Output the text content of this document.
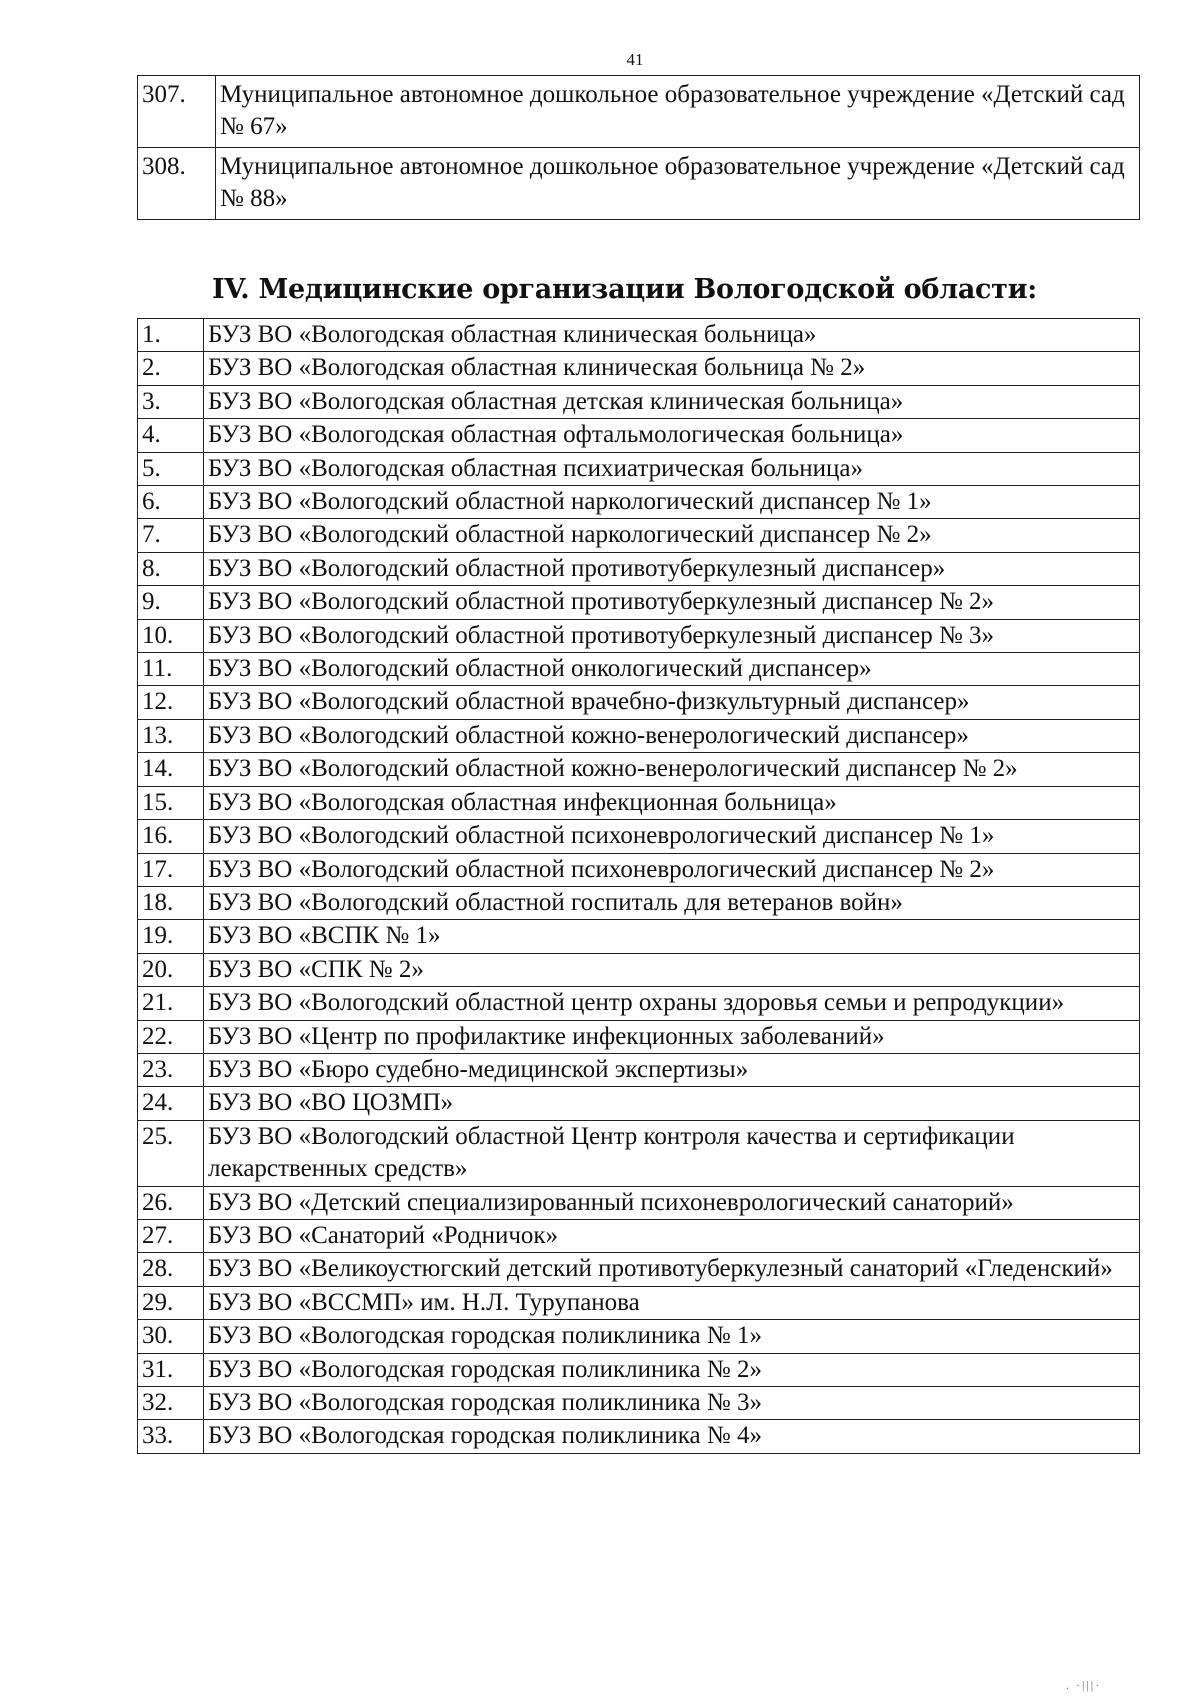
41
307.	Муниципальное автономное дошкольное образовательное учреждение «Детский сад № 67»
308.	Муниципальное автономное дошкольное образовательное учреждение «Детский сад № 88»
IV. Медицинские организации Вологодской области:
1.	БУЗ ВО «Вологодская областная клиническая больница»
2.	БУЗ ВО «Вологодская областная клиническая больница № 2»
3.	БУЗ ВО «Вологодская областная детская клиническая больница»
4.	БУЗ ВО «Вологодская областная офтальмологическая больница»
5.	БУЗ ВО «Вологодская областная психиатрическая больница»
6.	БУЗ ВО «Вологодский областной наркологический диспансер № 1»
7.	БУЗ ВО «Вологодский областной наркологический диспансер № 2»
8.	БУЗ ВО «Вологодский областной противотуберкулезный диспансер»
9.	БУЗ ВО «Вологодский областной противотуберкулезный диспансер № 2»
10.	БУЗ ВО «Вологодский областной противотуберкулезный диспансер № 3»
11.	БУЗ ВО «Вологодский областной онкологический диспансер»
12.	БУЗ ВО «Вологодский областной врачебно-физкультурный диспансер»
13.	БУЗ ВО «Вологодский областной кожно-венерологический диспансер»
14.	БУЗ ВО «Вологодский областной кожно-венерологический диспансер № 2»
15.	БУЗ ВО «Вологодская областная инфекционная больница»
16.	БУЗ ВО «Вологодский областной психоневрологический диспансер № 1»
17.	БУЗ ВО «Вологодский областной психоневрологический диспансер № 2»
18.	БУЗ ВО «Вологодский областной госпиталь для ветеранов войн»
19.	БУЗ ВО «ВСПК № 1»
20.	БУЗ ВО «СПК № 2»
21.	БУЗ ВО «Вологодский областной центр охраны здоровья семьи и репродукции»
22.	БУЗ ВО «Центр по профилактике инфекционных заболеваний»
23.	БУЗ ВО «Бюро судебно-медицинской экспертизы»
24.	БУЗ ВО «ВО ЦОЗМП»
25.	БУЗ ВО «Вологодский областной Центр контроля качества и сертификации лекарственных средств»
26.	БУЗ ВО «Детский специализированный психоневрологический санаторий»
27.	БУЗ ВО «Санаторий «Родничок»
28.	БУЗ ВО «Великоустюгский детский противотуберкулезный санаторий «Гледенский»
29.	БУЗ ВО «ВССМП» им. Н.Л. Турупанова
30.	БУЗ ВО «Вологодская городская поликлиника № 1»
31.	БУЗ ВО «Вологодская городская поликлиника № 2»
32.	БУЗ ВО «Вологодская городская поликлиника № 3»
33.	БУЗ ВО «Вологодская городская поликлиника № 4»
. ·|||·
